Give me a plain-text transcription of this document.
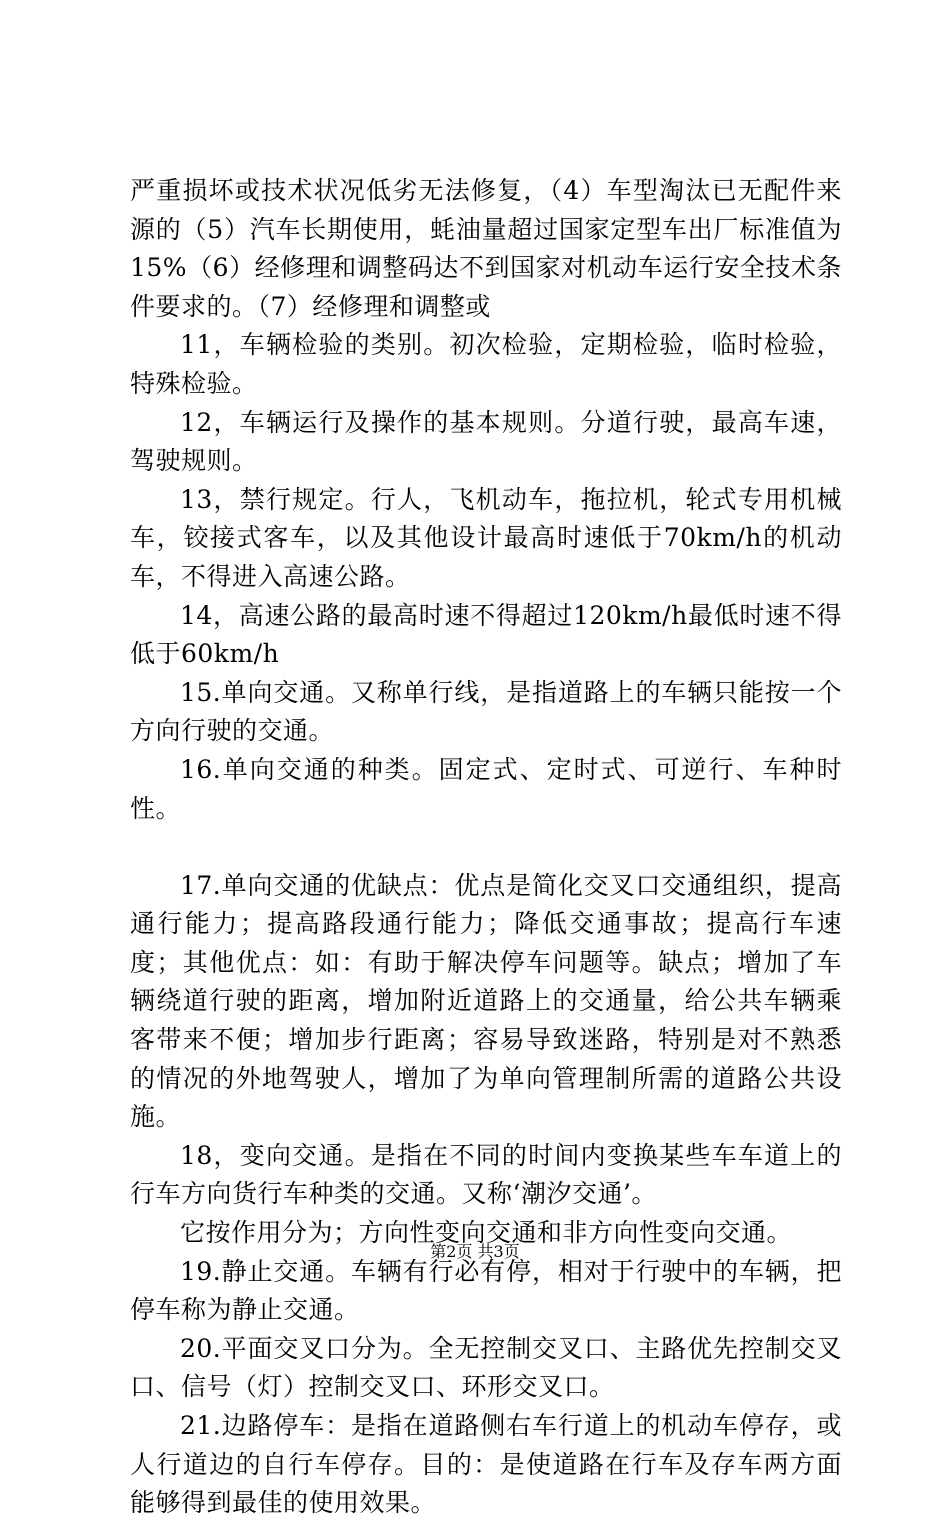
严重损坏或技术状况低劣无法修复，（4）车型淘汰已无配件来源的（5）汽车长期使用，蚝油量超过国家定型车出厂标准值为15%（6）经修理和调整码达不到国家对机动车运行安全技术条件要求的。（7）经修理和调整或

11，车辆检验的类别。初次检验，定期检验，临时检验，特殊检验。

12，车辆运行及操作的基本规则。分道行驶，最高车速，驾驶规则。

13，禁行规定。行人，飞机动车，拖拉机，轮式专用机械车，铰接式客车，以及其他设计最高时速低于70km/h的机动车，不得进入高速公路。

14，高速公路的最高时速不得超过120km/h最低时速不得低于60km/h

15.单向交通。又称单行线，是指道路上的车辆只能按一个方向行驶的交通。

16.单向交通的种类。固定式、定时式、可逆行、车种时性。

17.单向交通的优缺点：优点是简化交叉口交通组织，提高通行能力；提高路段通行能力；降低交通事故；提高行车速度；其他优点：如：有助于解决停车问题等。缺点；增加了车辆绕道行驶的距离，增加附近道路上的交通量，给公共车辆乘客带来不便；增加步行距离；容易导致迷路，特别是对不熟悉的情况的外地驾驶人，增加了为单向管理制所需的道路公共设施。

18，变向交通。是指在不同的时间内变换某些车车道上的行车方向货行车种类的交通。又称‘潮汐交通’。

它按作用分为；方向性变向交通和非方向性变向交通。

19.静止交通。车辆有行必有停，相对于行驶中的车辆，把停车称为静止交通。

20.平面交叉口分为。全无控制交叉口、主路优先控制交叉口、信号（灯）控制交叉口、环形交叉口。

21.边路停车：是指在道路侧右车行道上的机动车停存，或人行道边的自行车停存。目的：是使道路在行车及存车两方面能够得到最佳的使用效果。

第2页 共3页
